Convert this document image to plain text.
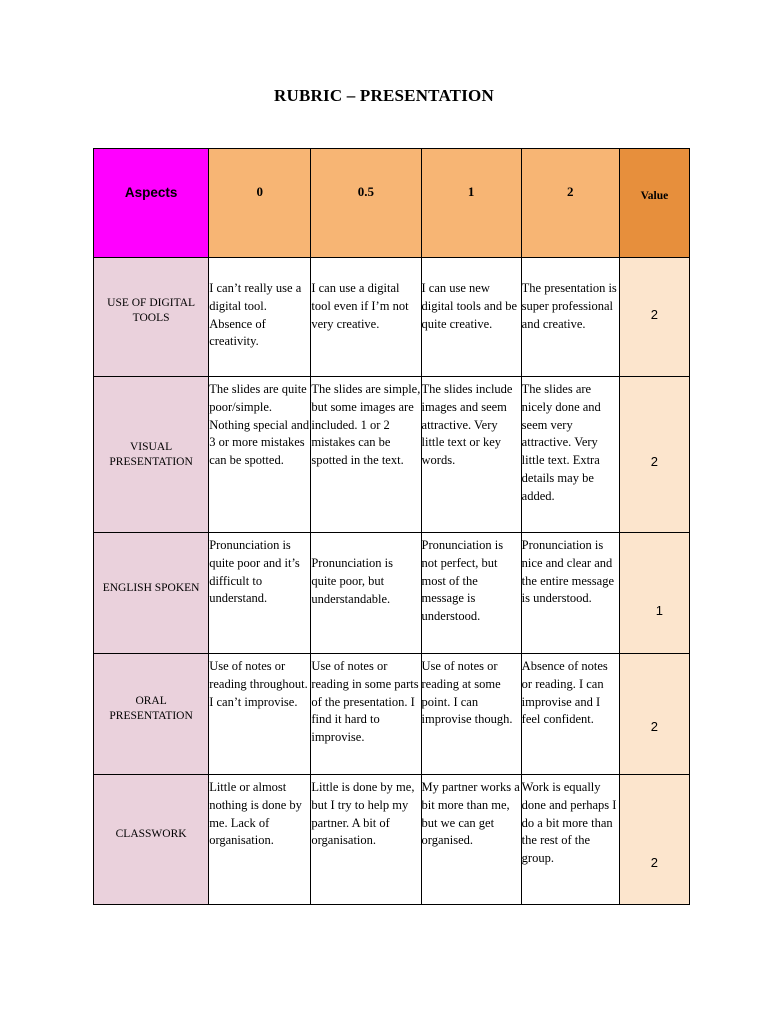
RUBRIC – PRESENTATION
Aspects	0	0.5	1	2	Value
USE OF DIGITAL TOOLS	I can’t really use a digital tool. Absence of creativity.	I can use a digital tool even if I’m not very creative.	I can use new digital tools and be quite creative.	The presentation is super professional and creative.	2
VISUAL PRESENTATION	The slides are quite poor/simple. Nothing special and 3 or more mistakes can be spotted.	The slides are simple, but some images are included. 1 or 2 mistakes can be spotted in the text.	The slides include images and seem attractive. Very little text or key words.	The slides are nicely done and seem very attractive. Very little text. Extra details may be added.	2
ENGLISH SPOKEN	Pronunciation is quite poor and it’s difficult to understand.	Pronunciation is quite poor, but understandable.	Pronunciation is not perfect, but most of the message is understood.	Pronunciation is nice and clear and the entire message is understood.	1
ORAL PRESENTATION	Use of notes or reading throughout. I can’t improvise.	Use of notes or reading in some parts of the presentation. I find it hard to improvise.	Use of notes or reading at some point. I can improvise though.	Absence of notes or reading. I can improvise and I feel confident.	2
CLASSWORK	Little or almost nothing is done by me. Lack of organisation.	Little is done by me, but I try to help my partner. A bit of organisation.	My partner works a bit more than me, but we can get organised.	Work is equally done and perhaps I do a bit more than the rest of the group.	2
